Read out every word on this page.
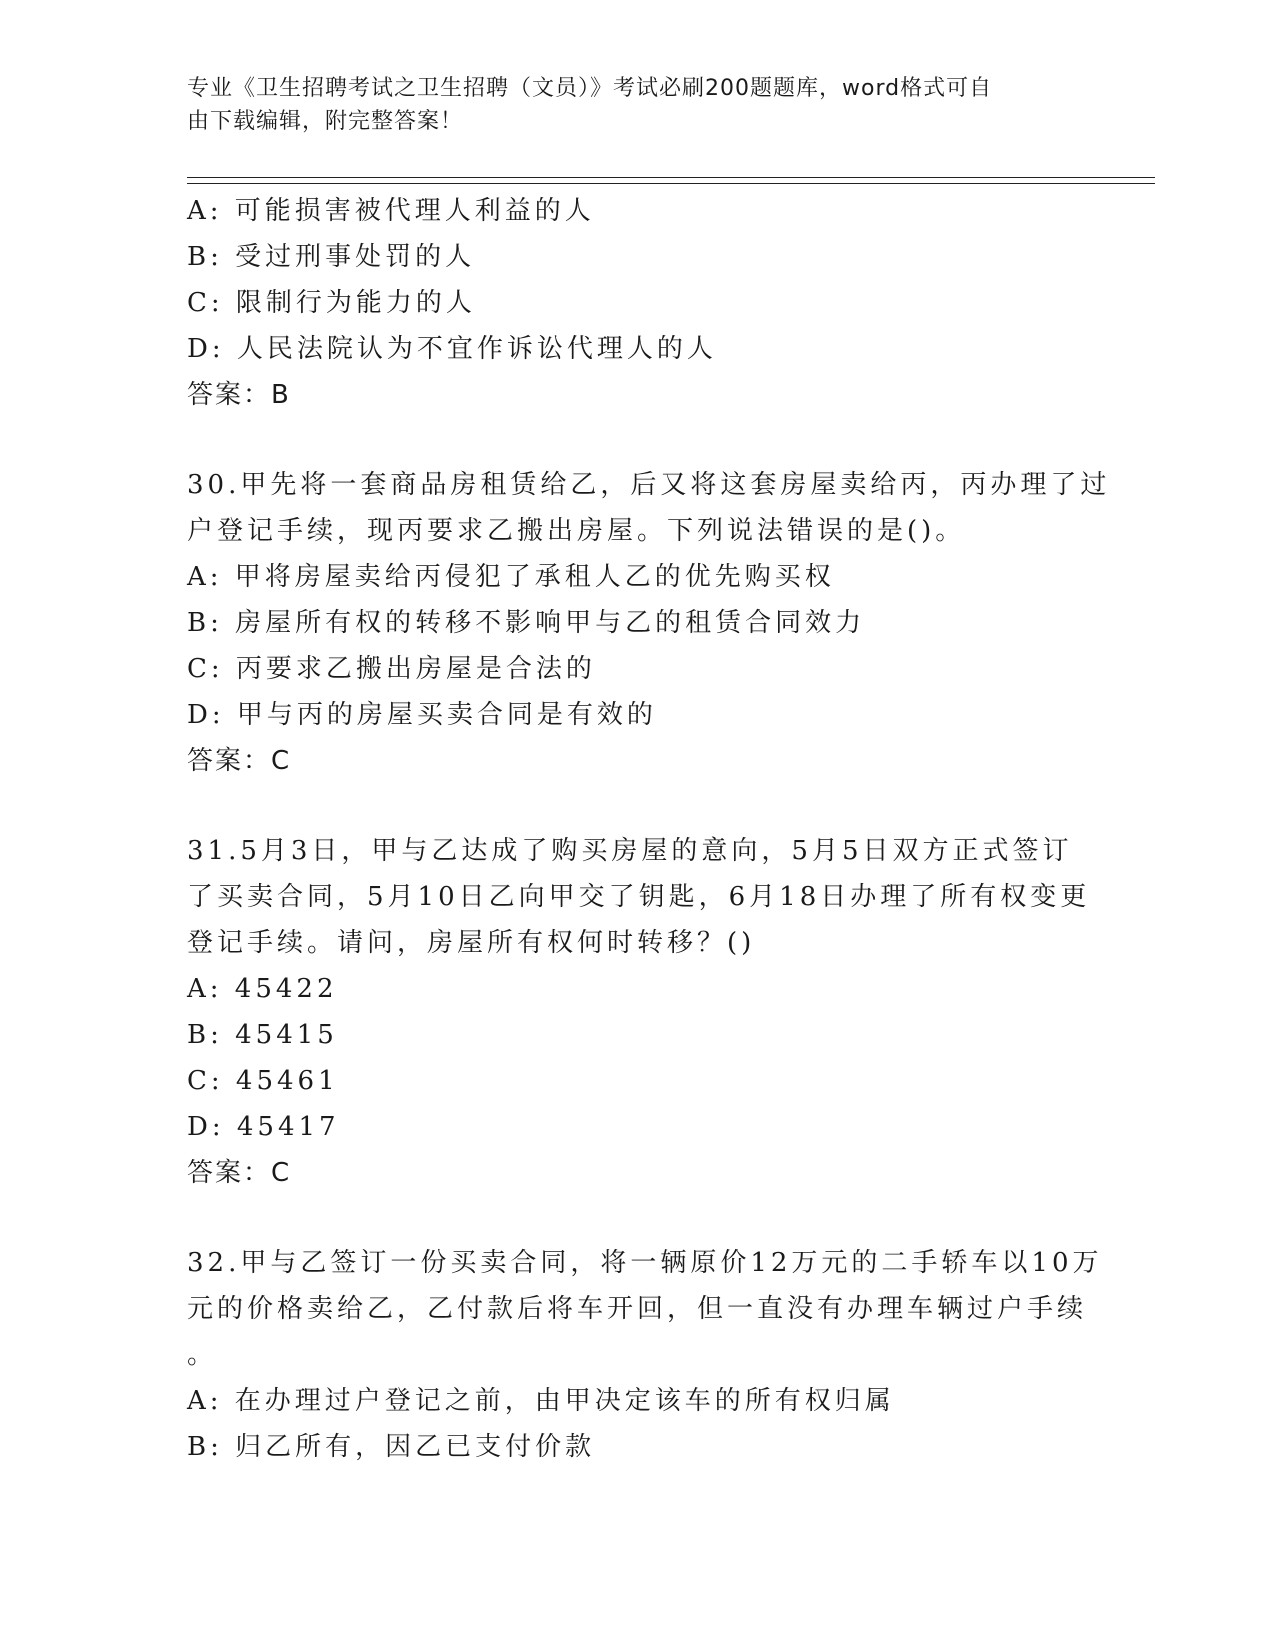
专业《卫生招聘考试之卫生招聘（文员）》考试必刷200题题库，word格式可自
由下载编辑，附完整答案！
A: 可能损害被代理人利益的人
B: 受过刑事处罚的人
C: 限制行为能力的人
D: 人民法院认为不宜作诉讼代理人的人
答案：B
30.甲先将一套商品房租赁给乙，后又将这套房屋卖给丙，丙办理了过
户登记手续，现丙要求乙搬出房屋。下列说法错误的是()。
A: 甲将房屋卖给丙侵犯了承租人乙的优先购买权
B: 房屋所有权的转移不影响甲与乙的租赁合同效力
C: 丙要求乙搬出房屋是合法的
D: 甲与丙的房屋买卖合同是有效的
答案：C
31.5月3日，甲与乙达成了购买房屋的意向，5月5日双方正式签订
了买卖合同，5月10日乙向甲交了钥匙，6月18日办理了所有权变更
登记手续。请问，房屋所有权何时转移？()
A: 45422
B: 45415
C: 45461
D: 45417
答案：C
32.甲与乙签订一份买卖合同，将一辆原价12万元的二手轿车以10万
元的价格卖给乙，乙付款后将车开回，但一直没有办理车辆过户手续
。
A: 在办理过户登记之前，由甲决定该车的所有权归属
B: 归乙所有，因乙已支付价款
